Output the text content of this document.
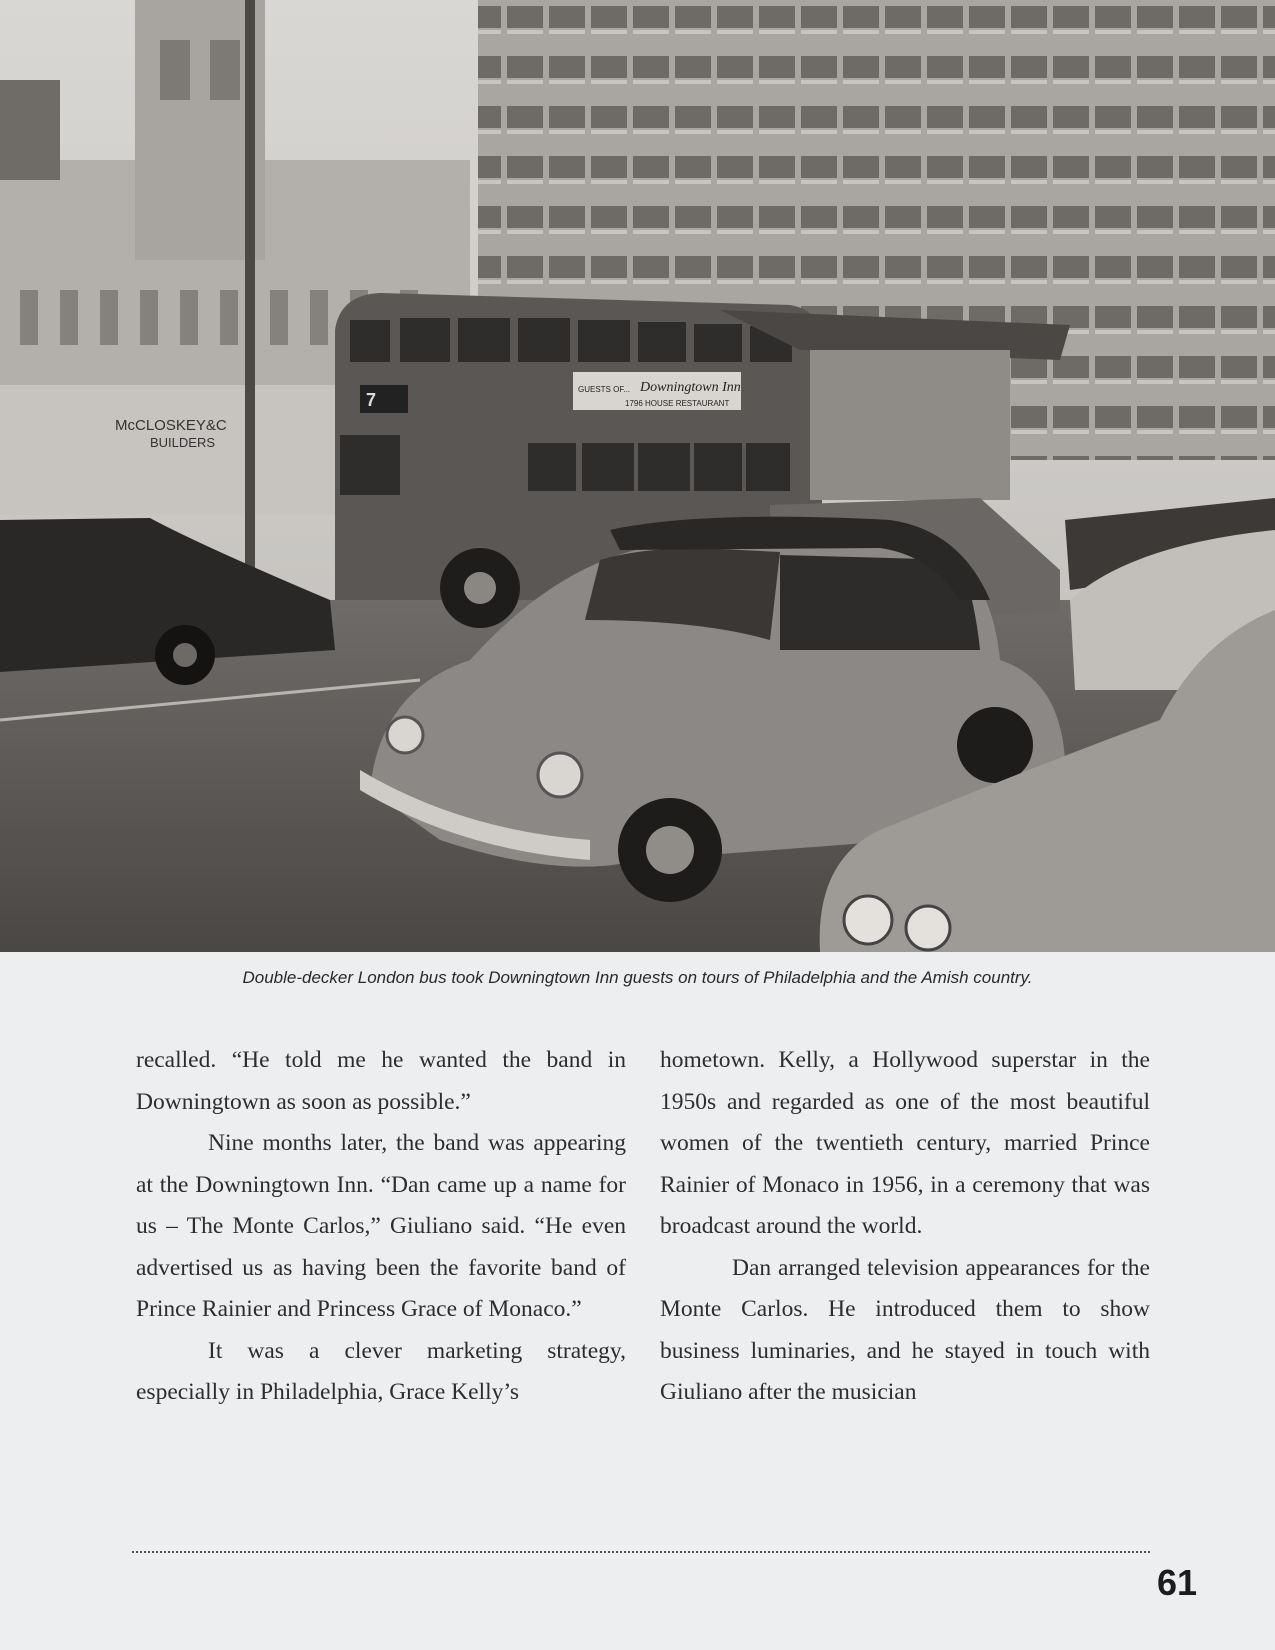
McCLOSKEY&C
BUILDERS
GUESTS OF... Downingtown Inn
1796 HOUSE RESTAURANT
7
Double-decker London bus took Downingtown Inn guests on tours of Philadelphia and the Amish country.

recalled. “He told me he wanted the band in Downingtown as soon as possible.”

Nine months later, the band was appearing at the Downingtown Inn. “Dan came up a name for us – The Monte Carlos,” Giuliano said. “He even advertised us as having been the favorite band of Prince Rainier and Princess Grace of Monaco.”

It was a clever marketing strategy, especially in Philadelphia, Grace Kelly’s

hometown. Kelly, a Hollywood superstar in the 1950s and regarded as one of the most beautiful women of the twentieth century, married Prince Rainier of Monaco in 1956, in a ceremony that was broadcast around the world.

Dan arranged television appearances for the Monte Carlos. He introduced them to show business luminaries, and he stayed in touch with Giuliano after the musician

61
